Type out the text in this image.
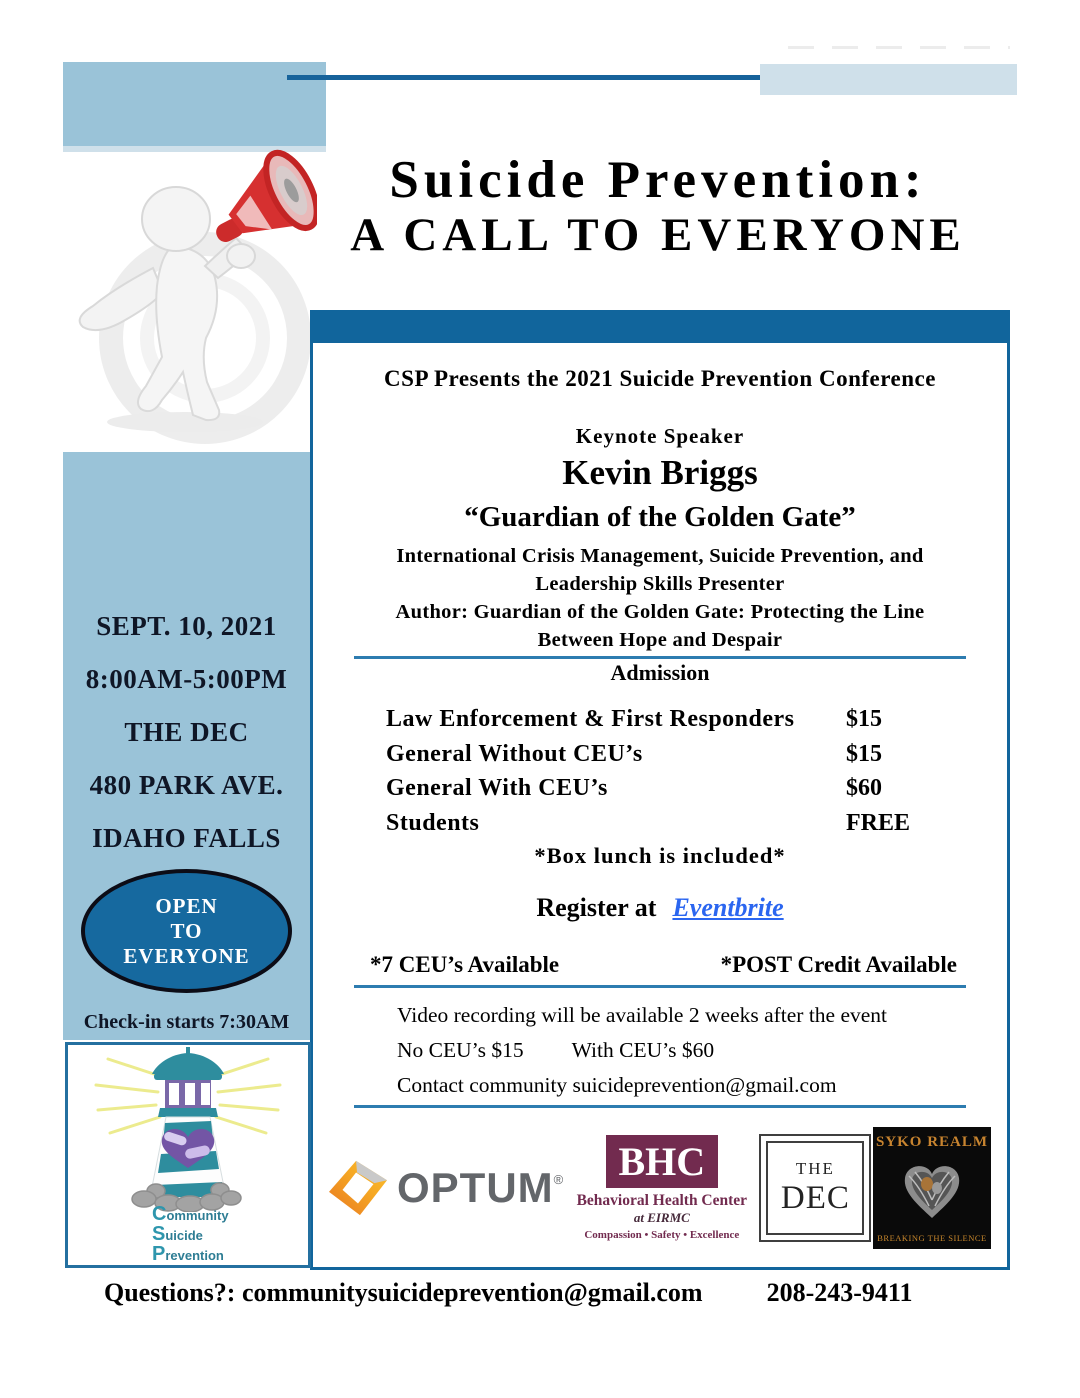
Suicide Prevention:
A CALL TO EVERYONE
CSP Presents the 2021 Suicide Prevention Conference
Keynote Speaker
Kevin Briggs
“Guardian of the Golden Gate”
International Crisis Management, Suicide Prevention, and
Leadership Skills Presenter
Author: Guardian of the Golden Gate: Protecting the Line
Between Hope and Despair
Admission
Law Enforcement & First Responders	$15
General Without CEU’s	$15
General With CEU’s	$60
Students	FREE
*Box lunch is included*
Register at Eventbrite
*7 CEU’s Available	*POST Credit Available
Video recording will be available 2 weeks after the event
No CEU’s $15 With CEU’s $60
Contact community suicideprevention@gmail.com
OPTUM®	BHC
Behavioral Health Center
at EIRMC
Compassion • Safety • Excellence
THE
DEC
SYKO REALM
BREAKING THE SILENCE
SEPT. 10, 2021
8:00AM-5:00PM
THE DEC
480 PARK AVE.
IDAHO FALLS
OPEN
TO
EVERYONE
Check-in starts 7:30AM
Community
Suicide
Prevention
Questions?: communitysuicideprevention@gmail.com 208-243-9411
